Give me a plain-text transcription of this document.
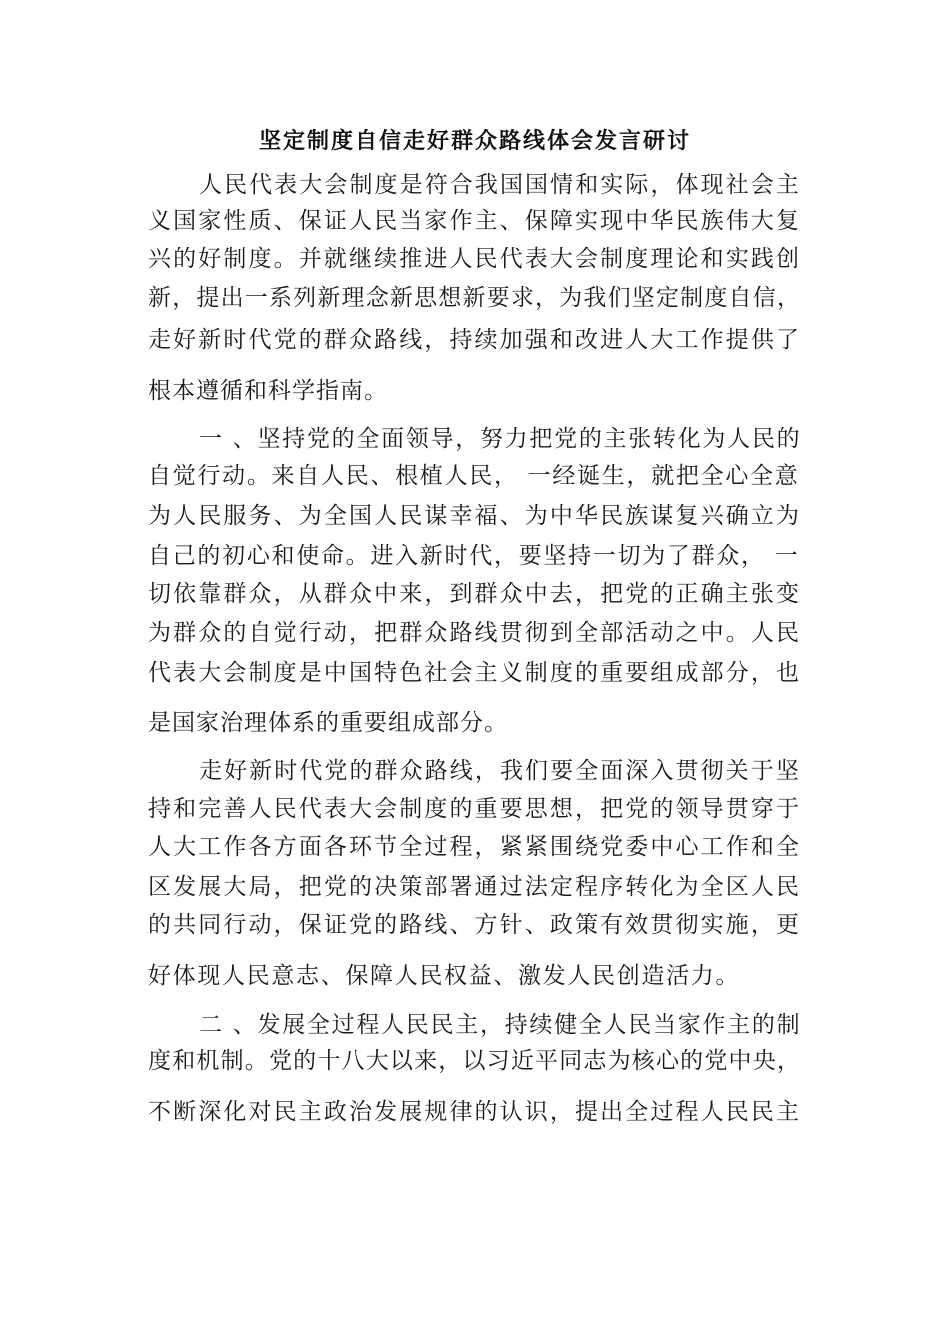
坚定制度自信走好群众路线体会发言研讨
人民代表大会制度是符合我国国情和实际，体现社会主
义国家性质、保证人民当家作主、保障实现中华民族伟大复
兴的好制度。并就继续推进人民代表大会制度理论和实践创
新，提出一系列新理念新思想新要求，为我们坚定制度自信，
走好新时代党的群众路线，持续加强和改进人大工作提供了
根本遵循和科学指南。
一 、坚持党的全面领导，努力把党的主张转化为人民的
自觉行动。来自人民、根植人民， 一经诞生，就把全心全意
为人民服务、为全国人民谋幸福、为中华民族谋复兴确立为
自己的初心和使命。进入新时代，要坚持一切为了群众， 一
切依靠群众，从群众中来，到群众中去，把党的正确主张变
为群众的自觉行动，把群众路线贯彻到全部活动之中。人民
代表大会制度是中国特色社会主义制度的重要组成部分，也
是国家治理体系的重要组成部分。
走好新时代党的群众路线，我们要全面深入贯彻关于坚
持和完善人民代表大会制度的重要思想，把党的领导贯穿于
人大工作各方面各环节全过程，紧紧围绕党委中心工作和全
区发展大局，把党的决策部署通过法定程序转化为全区人民
的共同行动，保证党的路线、方针、政策有效贯彻实施，更
好体现人民意志、保障人民权益、激发人民创造活力。
二 、发展全过程人民民主，持续健全人民当家作主的制
度和机制。党的十八大以来，以习近平同志为核心的党中央，
不断深化对民主政治发展规律的认识，提出全过程人民民主
